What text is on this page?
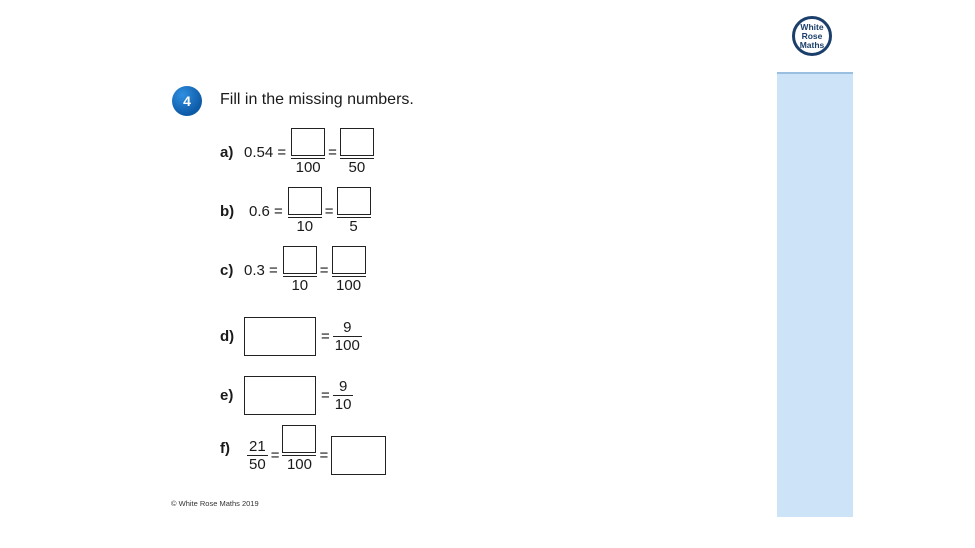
White
Rose
Maths
4	Fill in the missing numbers.
a) 0.54 =
100
=
50
b) 0.6 =
10
=
5
c) 0.3 =
10
=
100
d)	= $\frac{9}{100}$
e)	= $\frac{9}{10}$
f)	$\frac{21}{50} = 100$ =
© White Rose Maths 2019
